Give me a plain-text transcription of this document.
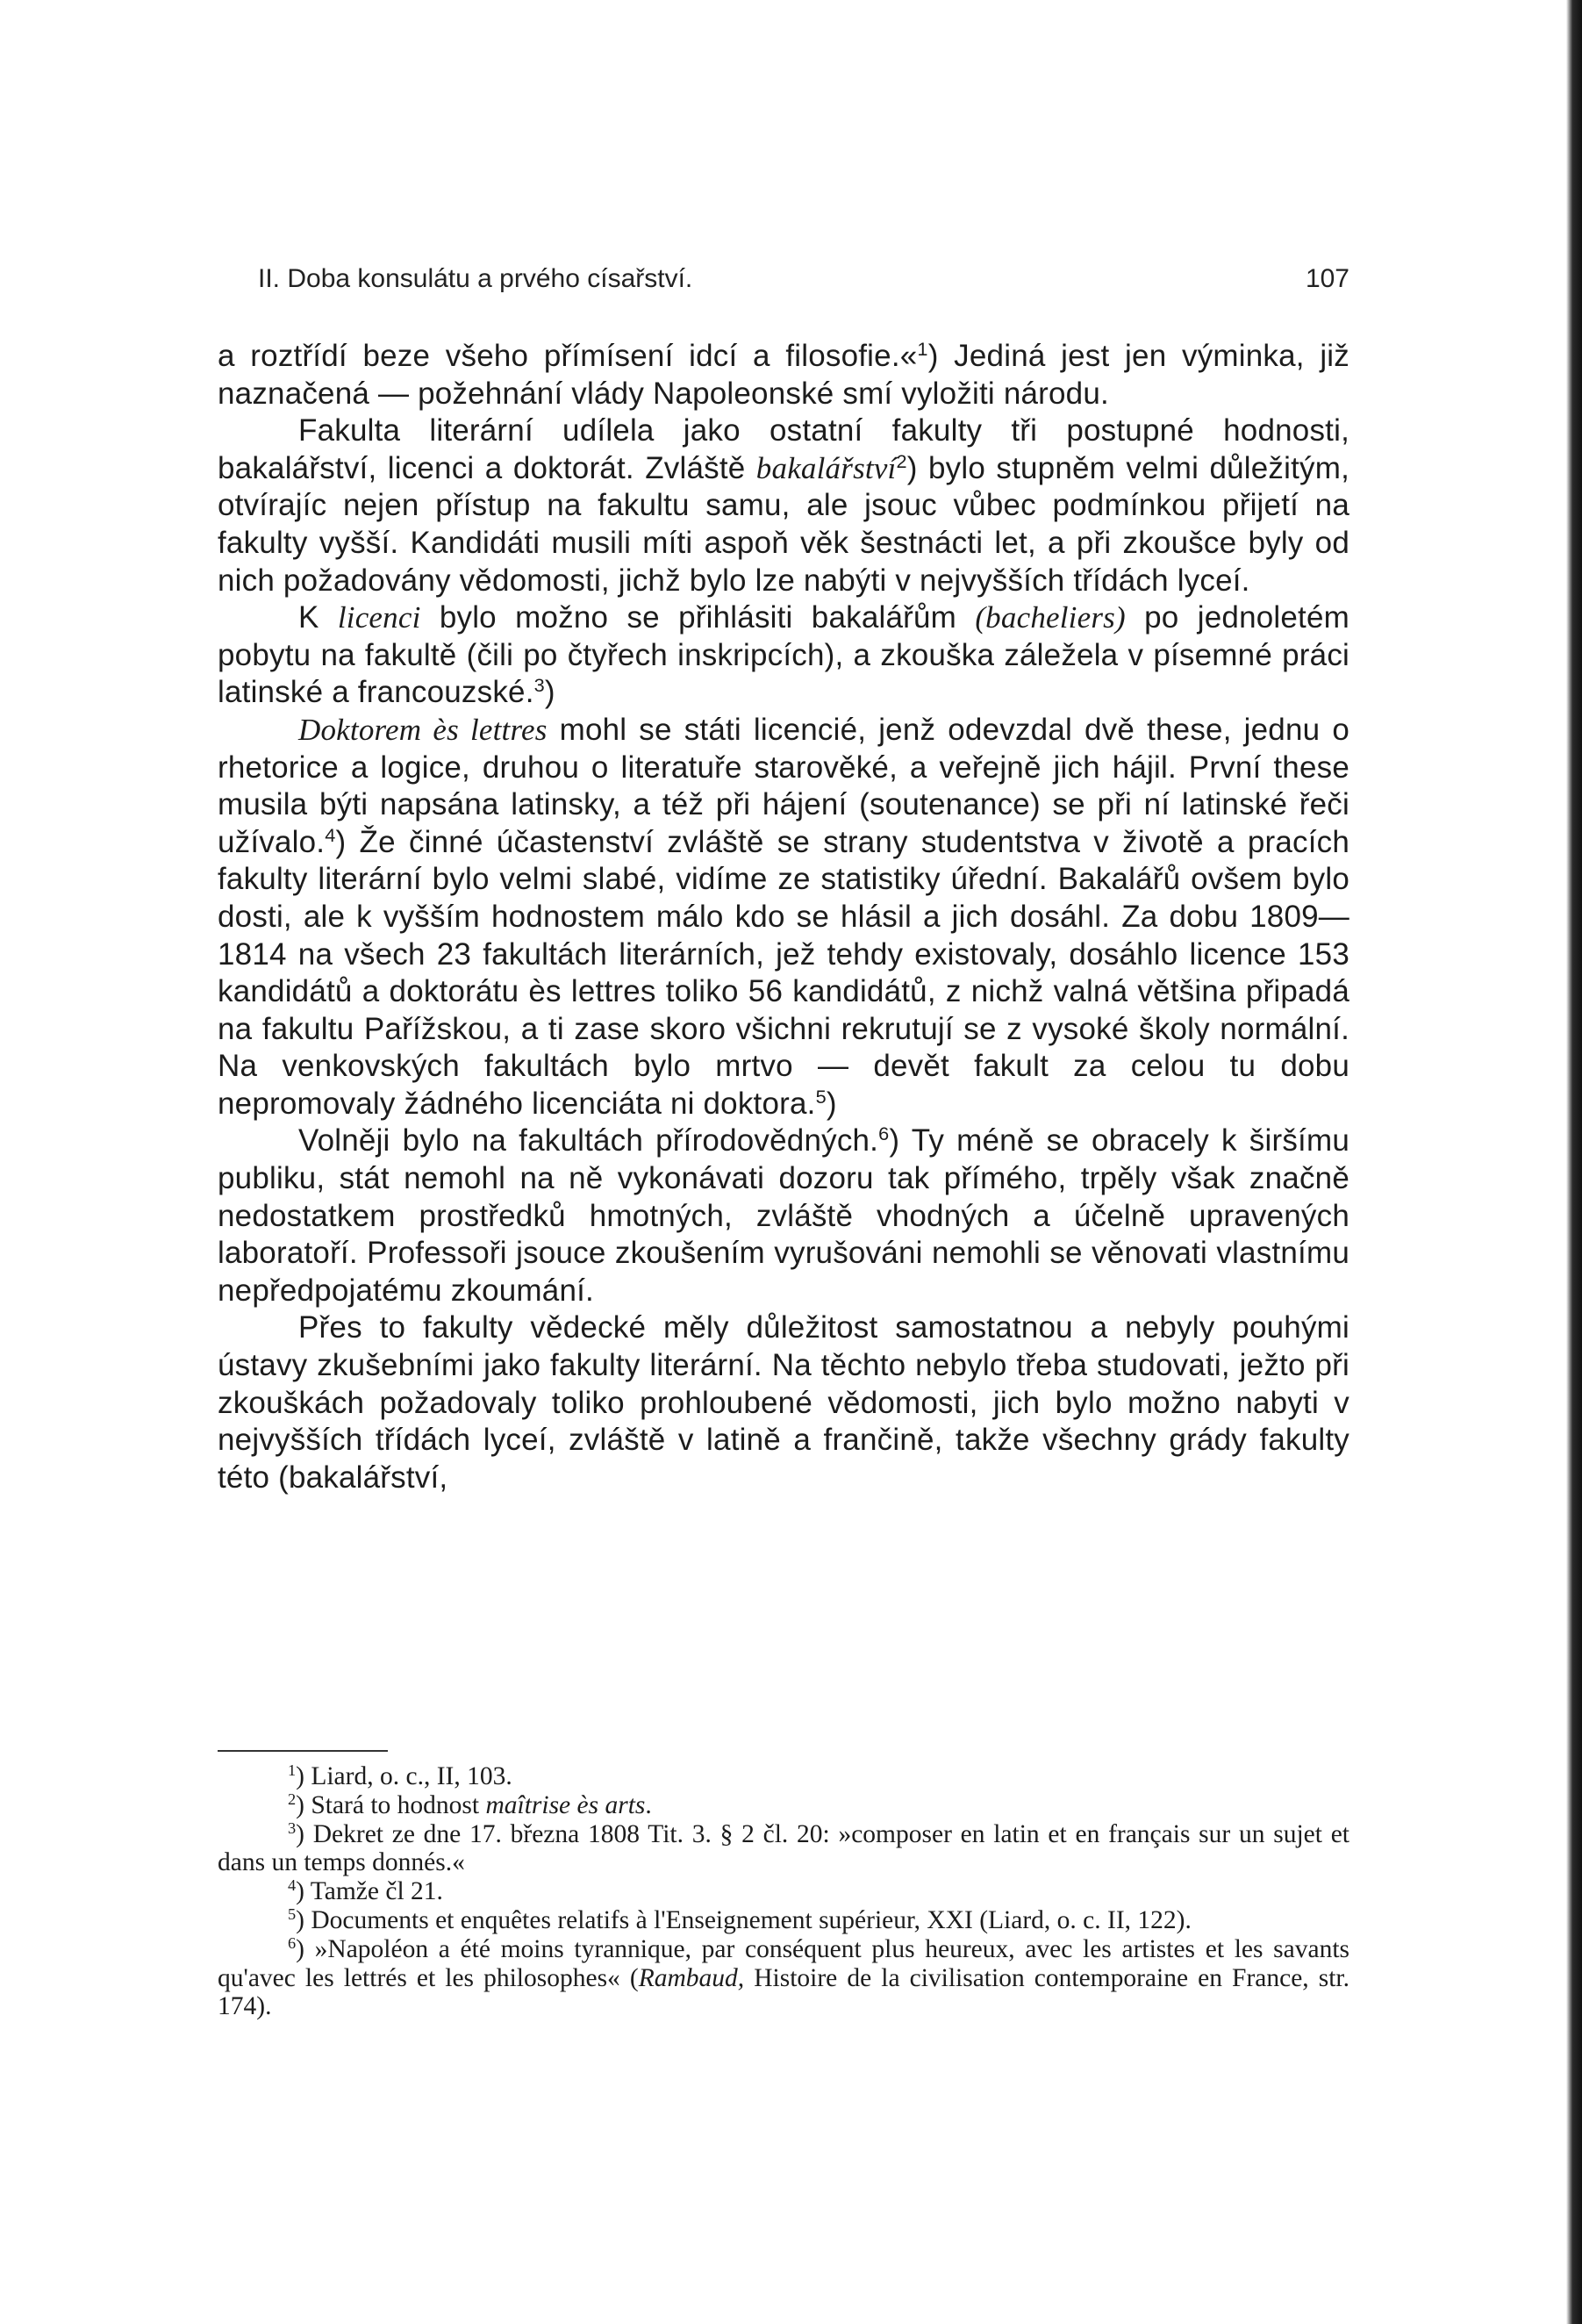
II. Doba konsulátu a prvého císařství.	107

a roztřídí beze všeho přímísení idcí a filosofie.«$^1$) Jediná jest jen výminka, již naznačená — požehnání vlády Napoleonské smí vyložiti národu.

Fakulta literární udílela jako ostatní fakulty tři postupné hodnosti, bakalářství, licenci a doktorát. Zvláště bakalářství$^2$) bylo stupněm velmi důležitým, otvírajíc nejen přístup na fakultu samu, ale jsouc vůbec podmínkou přijetí na fakulty vyšší. Kandidáti musili míti aspoň věk šestnácti let, a při zkoušce byly od nich požadovány vědomosti, jichž bylo lze nabýti v nejvyšších třídách lyceí.

K licenci bylo možno se přihlásiti bakalářům (bacheliers) po jednoletém pobytu na fakultě (čili po čtyřech inskripcích), a zkouška záležela v písemné práci latinské a francouzské.$^3$)

Doktorem ès lettres mohl se státi licencié, jenž odevzdal dvě these, jednu o rhetorice a logice, druhou o literatuře starověké, a veřejně jich hájil. První these musila býti napsána latinsky, a též při hájení (soutenance) se při ní latinské řeči užívalo.$^4$) Že činné účastenství zvláště se strany studentstva v životě a pracích fakulty literární bylo velmi slabé, vidíme ze statistiky úřední. Bakalářů ovšem bylo dosti, ale k vyšším hodnostem málo kdo se hlásil a jich dosáhl. Za dobu 1809—1814 na všech 23 fakultách literárních, jež tehdy existovaly, dosáhlo licence 153 kandidátů a doktorátu ès lettres toliko 56 kandidátů, z nichž valná většina připadá na fakultu Pařížskou, a ti zase skoro všichni rekrutují se z vysoké školy normální. Na venkovských fakultách bylo mrtvo — devět fakult za celou tu dobu nepromovaly žádného licenciáta ni doktora.$^5$)

Volněji bylo na fakultách přírodovědných.$^6$) Ty méně se obracely k širšímu publiku, stát nemohl na ně vykonávati dozoru tak přímého, trpěly však značně nedostatkem prostředků hmotných, zvláště vhodných a účelně upravených laboratoří. Professoři jsouce zkoušením vyrušováni nemohli se věnovati vlastnímu nepředpojatému zkoumání.

Přes to fakulty vědecké měly důležitost samostatnou a nebyly pouhými ústavy zkušebními jako fakulty literární. Na těchto nebylo třeba studovati, ježto při zkouškách požadovaly toliko prohloubené vědomosti, jich bylo možno nabyti v nejvyšších třídách lyceí, zvláště v latině a frančině, takže všechny grády fakulty této (bakalářství,

$^1$) Liard, o. c., II, 103.

$^2$) Stará to hodnost maîtrise ès arts.

$^3$) Dekret ze dne 17. března 1808 Tit. 3. § 2 čl. 20: »composer en latin et en français sur un sujet et dans un temps donnés.«

$^4$) Tamže čl 21.

$^5$) Documents et enquêtes relatifs à l'Enseignement supérieur, XXI (Liard, o. c. II, 122).

$^6$) »Napoléon a été moins tyrannique, par conséquent plus heureux, avec les artistes et les savants qu'avec les lettrés et les philosophes« (Rambaud, Histoire de la civilisation contemporaine en France, str. 174).
